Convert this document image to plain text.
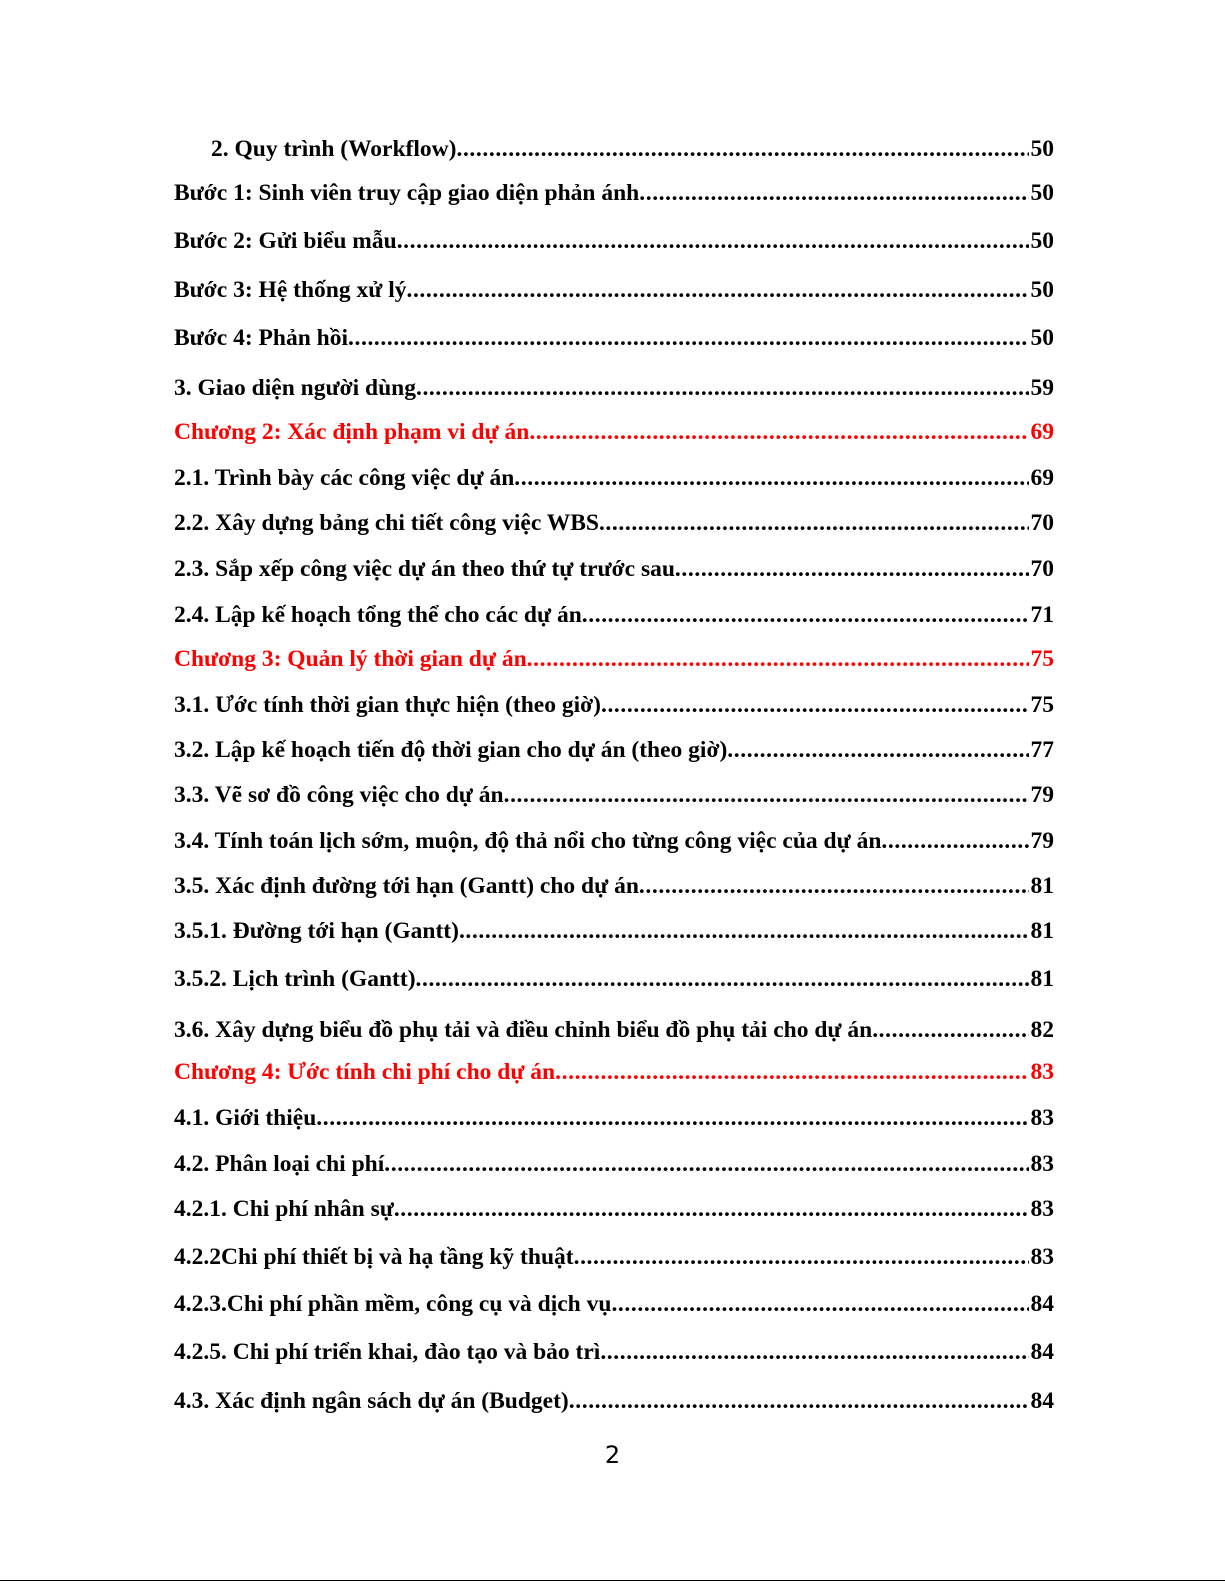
2. Quy trình (Workflow) .....	50
Bước 1: Sinh viên truy cập giao diện phản ánh .....	50
Bước 2: Gửi biểu mẫu .....	50
Bước 3: Hệ thống xử lý .....	50
Bước 4: Phản hồi .....	50
3. Giao diện người dùng .....	59
Chương 2: Xác định phạm vi dự án .....	69
2.1. Trình bày các công việc dự án .....	69
2.2. Xây dựng bảng chi tiết công việc WBS .....	70
2.3. Sắp xếp công việc dự án theo thứ tự trước sau .....	70
2.4. Lập kế hoạch tổng thể cho các dự án .....	71
Chương 3: Quản lý thời gian dự án .....	75
3.1. Ước tính thời gian thực hiện (theo giờ) .....	75
3.2. Lập kế hoạch tiến độ thời gian cho dự án (theo giờ) .....	77
3.3. Vẽ sơ đồ công việc cho dự án .....	79
3.4. Tính toán lịch sớm, muộn, độ thả nổi cho từng công việc của dự án .....	79
3.5. Xác định đường tới hạn (Gantt) cho dự án .....	81
3.5.1. Đường tới hạn (Gantt) .....	81
3.5.2. Lịch trình (Gantt) .....	81
3.6. Xây dựng biểu đồ phụ tải và điều chỉnh biểu đồ phụ tải cho dự án .....	82
Chương 4: Ước tính chi phí cho dự án .....	83
4.1. Giới thiệu .....	83
4.2. Phân loại chi phí .....	83
4.2.1. Chi phí nhân sự .....	83
4.2.2Chi phí thiết bị và hạ tầng kỹ thuật .....	83
4.2.3.Chi phí phần mềm, công cụ và dịch vụ .....	84
4.2.5. Chi phí triển khai, đào tạo và bảo trì .....	84
4.3. Xác định ngân sách dự án (Budget) .....	84
2
